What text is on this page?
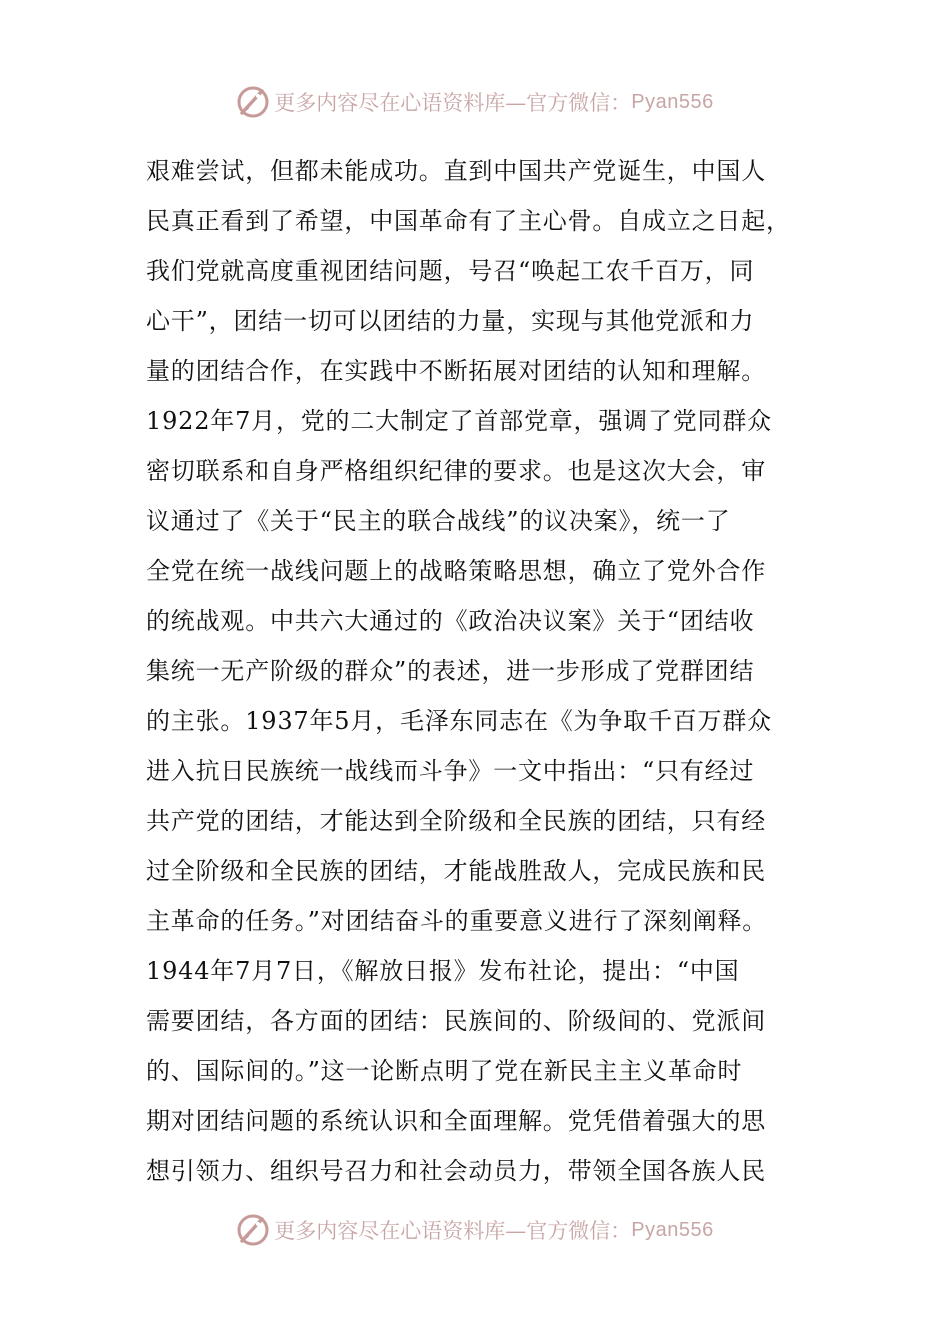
更多内容尽在心语资料库—官方微信： Pyan556
艰难尝试，但都未能成功。直到中国共产党诞生，中国人
民真正看到了希望，中国革命有了主心骨。自成立之日起，
我们党就高度重视团结问题，号召“唤起工农千百万，同
心干”，团结一切可以团结的力量，实现与其他党派和力
量的团结合作，在实践中不断拓展对团结的认知和理解。
1922年7月，党的二大制定了首部党章，强调了党同群众
密切联系和自身严格组织纪律的要求。也是这次大会，审
议通过了《关于“民主的联合战线”的议决案》，统一了
全党在统一战线问题上的战略策略思想，确立了党外合作
的统战观。中共六大通过的《政治决议案》关于“团结收
集统一无产阶级的群众”的表述，进一步形成了党群团结
的主张。1937年5月，毛泽东同志在《为争取千百万群众
进入抗日民族统一战线而斗争》一文中指出：“只有经过
共产党的团结，才能达到全阶级和全民族的团结，只有经
过全阶级和全民族的团结，才能战胜敌人，完成民族和民
主革命的任务。”对团结奋斗的重要意义进行了深刻阐释。
1944年7月7日，《解放日报》发布社论，提出：“中国
需要团结，各方面的团结：民族间的、阶级间的、党派间
的、国际间的。”这一论断点明了党在新民主主义革命时
期对团结问题的系统认识和全面理解。党凭借着强大的思
想引领力、组织号召力和社会动员力，带领全国各族人民
更多内容尽在心语资料库—官方微信： Pyan556
